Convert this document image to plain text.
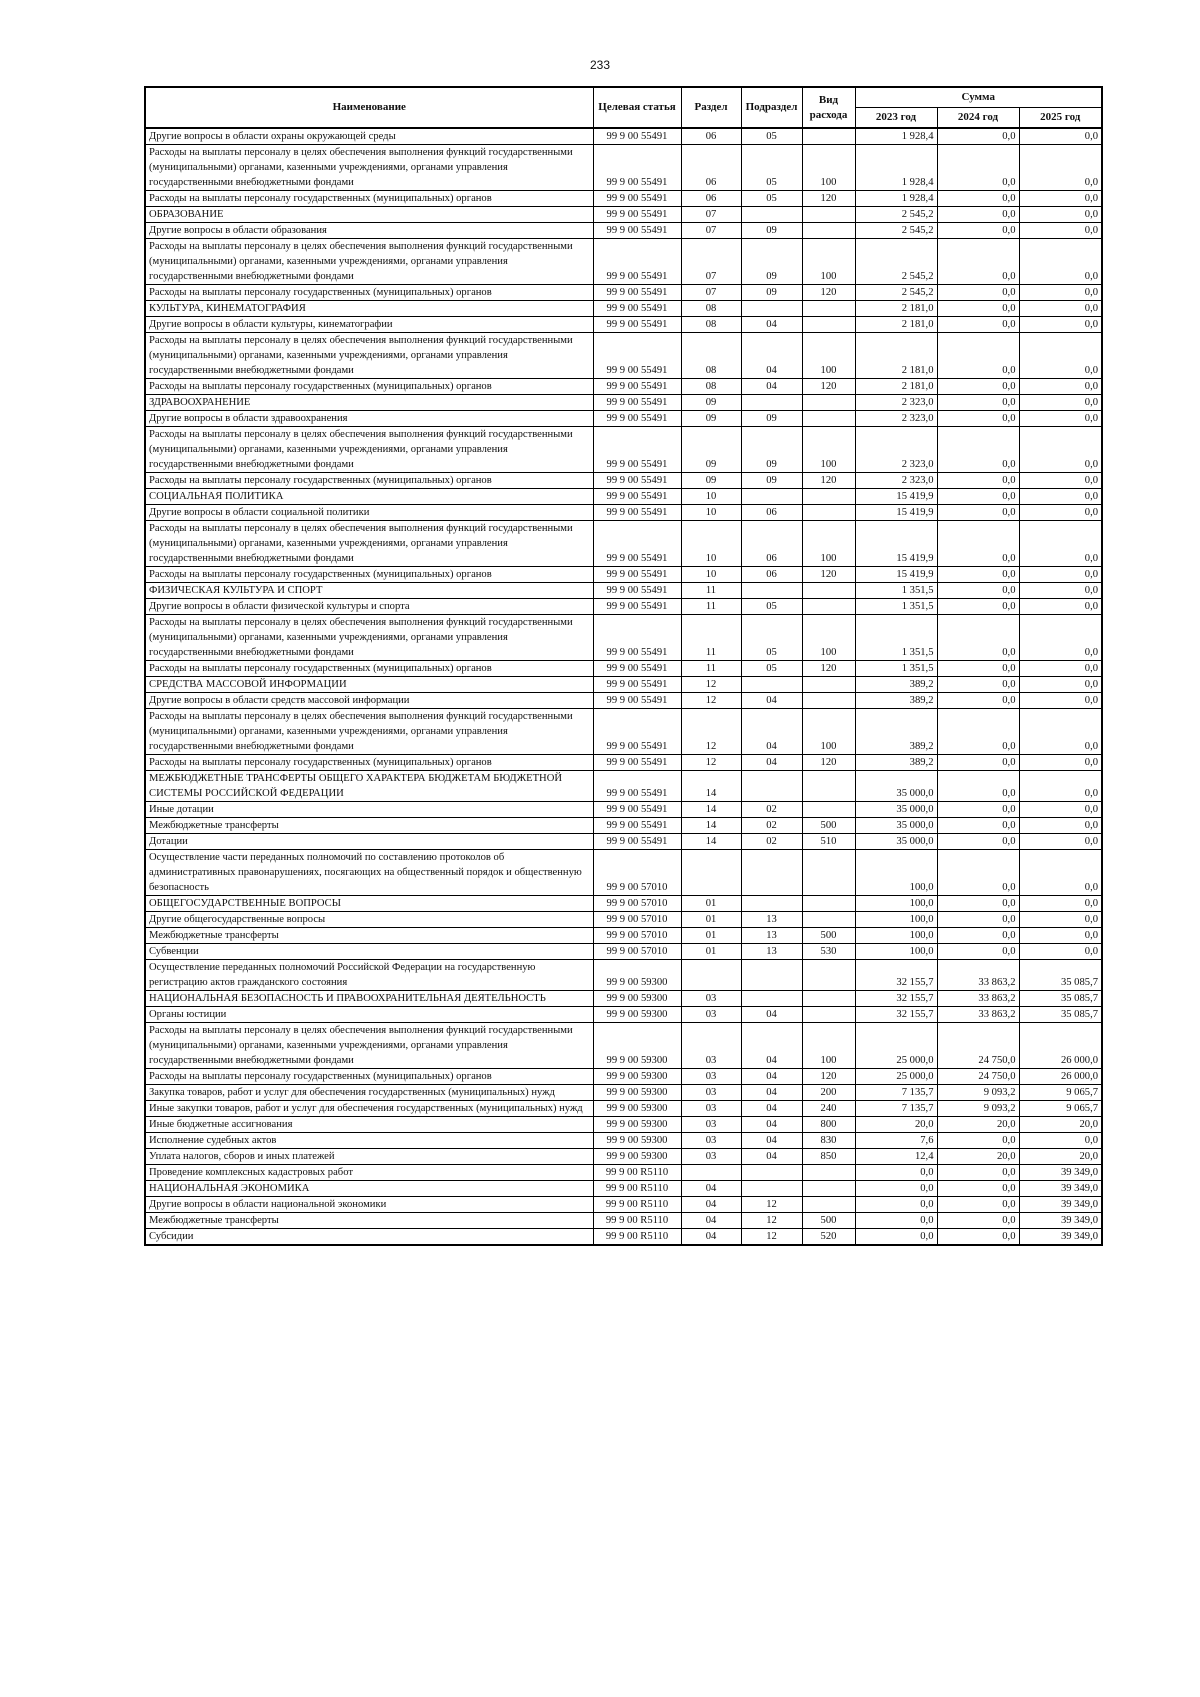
233
Наименование	Целевая статья	Раздел	Подраздел	Вид расхода	Сумма		
					2023 год	2024 год	2025 год
Другие вопросы в области охраны окружающей среды	99 9 00 55491	06	05		1 928,4	0,0	0,0
Расходы на выплаты персоналу в целях обеспечения выполнения функций государственными (муниципальными) органами, казенными учреждениями, органами управления государственными внебюджетными фондами	99 9 00 55491	06	05	100	1 928,4	0,0	0,0
Расходы на выплаты персоналу государственных (муниципальных) органов	99 9 00 55491	06	05	120	1 928,4	0,0	0,0
ОБРАЗОВАНИЕ	99 9 00 55491	07			2 545,2	0,0	0,0
Другие вопросы в области образования	99 9 00 55491	07	09		2 545,2	0,0	0,0
Расходы на выплаты персоналу в целях обеспечения выполнения функций государственными (муниципальными) органами, казенными учреждениями, органами управления государственными внебюджетными фондами	99 9 00 55491	07	09	100	2 545,2	0,0	0,0
Расходы на выплаты персоналу государственных (муниципальных) органов	99 9 00 55491	07	09	120	2 545,2	0,0	0,0
КУЛЬТУРА, КИНЕМАТОГРАФИЯ	99 9 00 55491	08			2 181,0	0,0	0,0
Другие вопросы в области культуры, кинематографии	99 9 00 55491	08	04		2 181,0	0,0	0,0
Расходы на выплаты персоналу в целях обеспечения выполнения функций государственными (муниципальными) органами, казенными учреждениями, органами управления государственными внебюджетными фондами	99 9 00 55491	08	04	100	2 181,0	0,0	0,0
Расходы на выплаты персоналу государственных (муниципальных) органов	99 9 00 55491	08	04	120	2 181,0	0,0	0,0
ЗДРАВООХРАНЕНИЕ	99 9 00 55491	09			2 323,0	0,0	0,0
Другие вопросы в области здравоохранения	99 9 00 55491	09	09		2 323,0	0,0	0,0
Расходы на выплаты персоналу в целях обеспечения выполнения функций государственными (муниципальными) органами, казенными учреждениями, органами управления государственными внебюджетными фондами	99 9 00 55491	09	09	100	2 323,0	0,0	0,0
Расходы на выплаты персоналу государственных (муниципальных) органов	99 9 00 55491	09	09	120	2 323,0	0,0	0,0
СОЦИАЛЬНАЯ ПОЛИТИКА	99 9 00 55491	10			15 419,9	0,0	0,0
Другие вопросы в области социальной политики	99 9 00 55491	10	06		15 419,9	0,0	0,0
Расходы на выплаты персоналу в целях обеспечения выполнения функций государственными (муниципальными) органами, казенными учреждениями, органами управления государственными внебюджетными фондами	99 9 00 55491	10	06	100	15 419,9	0,0	0,0
Расходы на выплаты персоналу государственных (муниципальных) органов	99 9 00 55491	10	06	120	15 419,9	0,0	0,0
ФИЗИЧЕСКАЯ КУЛЬТУРА И СПОРТ	99 9 00 55491	11			1 351,5	0,0	0,0
Другие вопросы в области физической культуры и спорта	99 9 00 55491	11	05		1 351,5	0,0	0,0
Расходы на выплаты персоналу в целях обеспечения выполнения функций государственными (муниципальными) органами, казенными учреждениями, органами управления государственными внебюджетными фондами	99 9 00 55491	11	05	100	1 351,5	0,0	0,0
Расходы на выплаты персоналу государственных (муниципальных) органов	99 9 00 55491	11	05	120	1 351,5	0,0	0,0
СРЕДСТВА МАССОВОЙ ИНФОРМАЦИИ	99 9 00 55491	12			389,2	0,0	0,0
Другие вопросы в области средств массовой информации	99 9 00 55491	12	04		389,2	0,0	0,0
Расходы на выплаты персоналу в целях обеспечения выполнения функций государственными (муниципальными) органами, казенными учреждениями, органами управления государственными внебюджетными фондами	99 9 00 55491	12	04	100	389,2	0,0	0,0
Расходы на выплаты персоналу государственных (муниципальных) органов	99 9 00 55491	12	04	120	389,2	0,0	0,0
МЕЖБЮДЖЕТНЫЕ ТРАНСФЕРТЫ ОБЩЕГО ХАРАКТЕРА БЮДЖЕТАМ БЮДЖЕТНОЙ СИСТЕМЫ РОССИЙСКОЙ ФЕДЕРАЦИИ	99 9 00 55491	14			35 000,0	0,0	0,0
Иные дотации	99 9 00 55491	14	02		35 000,0	0,0	0,0
Межбюджетные трансферты	99 9 00 55491	14	02	500	35 000,0	0,0	0,0
Дотации	99 9 00 55491	14	02	510	35 000,0	0,0	0,0
Осуществление части переданных полномочий по составлению протоколов об административных правонарушениях, посягающих на общественный порядок и общественную безопасность	99 9 00 57010				100,0	0,0	0,0
ОБЩЕГОСУДАРСТВЕННЫЕ ВОПРОСЫ	99 9 00 57010	01			100,0	0,0	0,0
Другие общегосударственные вопросы	99 9 00 57010	01	13		100,0	0,0	0,0
Межбюджетные трансферты	99 9 00 57010	01	13	500	100,0	0,0	0,0
Субвенции	99 9 00 57010	01	13	530	100,0	0,0	0,0
Осуществление переданных полномочий Российской Федерации на государственную регистрацию актов гражданского состояния	99 9 00 59300				32 155,7	33 863,2	35 085,7
НАЦИОНАЛЬНАЯ БЕЗОПАСНОСТЬ И ПРАВООХРАНИТЕЛЬНАЯ ДЕЯТЕЛЬНОСТЬ	99 9 00 59300	03			32 155,7	33 863,2	35 085,7
Органы юстиции	99 9 00 59300	03	04		32 155,7	33 863,2	35 085,7
Расходы на выплаты персоналу в целях обеспечения выполнения функций государственными (муниципальными) органами, казенными учреждениями, органами управления государственными внебюджетными фондами	99 9 00 59300	03	04	100	25 000,0	24 750,0	26 000,0
Расходы на выплаты персоналу государственных (муниципальных) органов	99 9 00 59300	03	04	120	25 000,0	24 750,0	26 000,0
Закупка товаров, работ и услуг для обеспечения государственных (муниципальных) нужд	99 9 00 59300	03	04	200	7 135,7	9 093,2	9 065,7
Иные закупки товаров, работ и услуг для обеспечения государственных (муниципальных) нужд	99 9 00 59300	03	04	240	7 135,7	9 093,2	9 065,7
Иные бюджетные ассигнования	99 9 00 59300	03	04	800	20,0	20,0	20,0
Исполнение судебных актов	99 9 00 59300	03	04	830	7,6	0,0	0,0
Уплата налогов, сборов и иных платежей	99 9 00 59300	03	04	850	12,4	20,0	20,0
Проведение комплексных кадастровых работ	99 9 00 R5110				0,0	0,0	39 349,0
НАЦИОНАЛЬНАЯ ЭКОНОМИКА	99 9 00 R5110	04			0,0	0,0	39 349,0
Другие вопросы в области национальной экономики	99 9 00 R5110	04	12		0,0	0,0	39 349,0
Межбюджетные трансферты	99 9 00 R5110	04	12	500	0,0	0,0	39 349,0
Субсидии	99 9 00 R5110	04	12	520	0,0	0,0	39 349,0
